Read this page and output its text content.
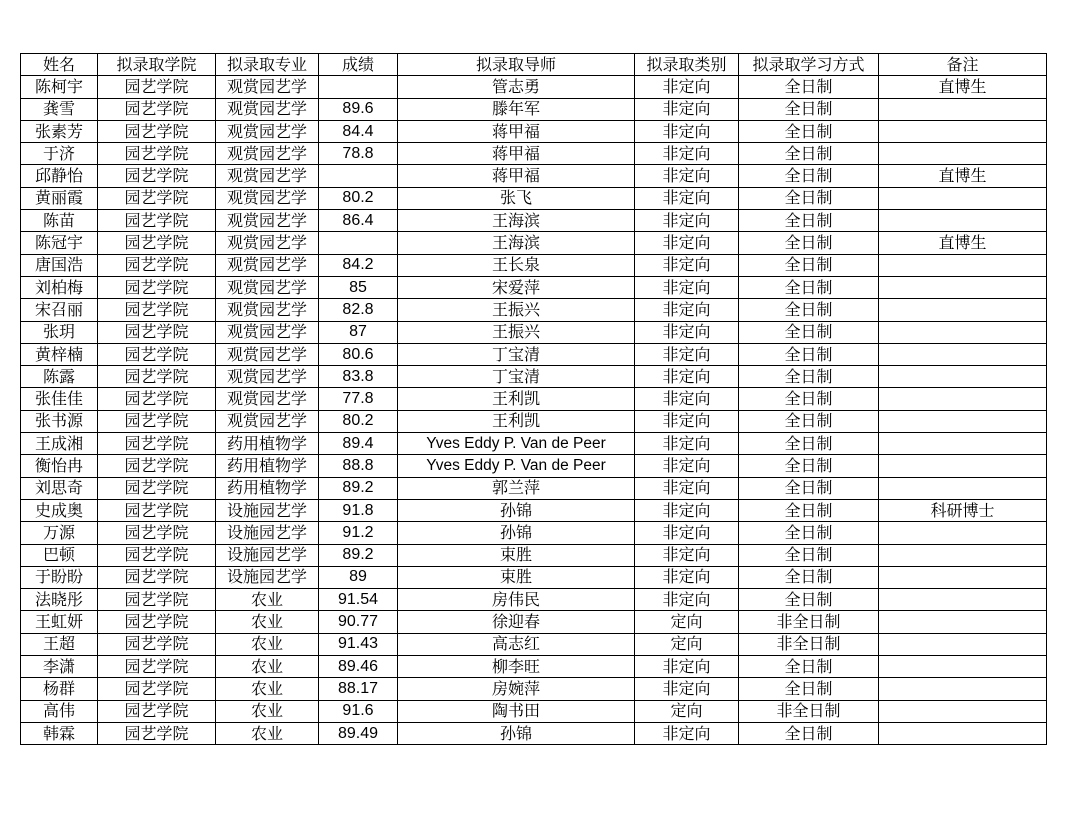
姓名	拟录取学院	拟录取专业	成绩	拟录取导师	拟录取类别	拟录取学习方式	备注
陈柯宇	园艺学院	观赏园艺学		管志勇	非定向	全日制	直博生
龚雪	园艺学院	观赏园艺学	89.6	滕年军	非定向	全日制	
张素芳	园艺学院	观赏园艺学	84.4	蒋甲福	非定向	全日制	
于济	园艺学院	观赏园艺学	78.8	蒋甲福	非定向	全日制	
邱静怡	园艺学院	观赏园艺学		蒋甲福	非定向	全日制	直博生
黄丽霞	园艺学院	观赏园艺学	80.2	张飞	非定向	全日制	
陈苗	园艺学院	观赏园艺学	86.4	王海滨	非定向	全日制	
陈冠宇	园艺学院	观赏园艺学		王海滨	非定向	全日制	直博生
唐国浩	园艺学院	观赏园艺学	84.2	王长泉	非定向	全日制	
刘柏梅	园艺学院	观赏园艺学	85	宋爱萍	非定向	全日制	
宋召丽	园艺学院	观赏园艺学	82.8	王振兴	非定向	全日制	
张玥	园艺学院	观赏园艺学	87	王振兴	非定向	全日制	
黄梓楠	园艺学院	观赏园艺学	80.6	丁宝清	非定向	全日制	
陈露	园艺学院	观赏园艺学	83.8	丁宝清	非定向	全日制	
张佳佳	园艺学院	观赏园艺学	77.8	王利凯	非定向	全日制	
张书源	园艺学院	观赏园艺学	80.2	王利凯	非定向	全日制	
王成湘	园艺学院	药用植物学	89.4	Yves Eddy P. Van de Peer	非定向	全日制	
衡怡冉	园艺学院	药用植物学	88.8	Yves Eddy P. Van de Peer	非定向	全日制	
刘思奇	园艺学院	药用植物学	89.2	郭兰萍	非定向	全日制	
史成奥	园艺学院	设施园艺学	91.8	孙锦	非定向	全日制	科研博士
万源	园艺学院	设施园艺学	91.2	孙锦	非定向	全日制	
巴顿	园艺学院	设施园艺学	89.2	束胜	非定向	全日制	
于盼盼	园艺学院	设施园艺学	89	束胜	非定向	全日制	
法晓彤	园艺学院	农业	91.54	房伟民	非定向	全日制	
王虹妍	园艺学院	农业	90.77	徐迎春	定向	非全日制	
王超	园艺学院	农业	91.43	高志红	定向	非全日制	
李潇	园艺学院	农业	89.46	柳李旺	非定向	全日制	
杨群	园艺学院	农业	88.17	房婉萍	非定向	全日制	
高伟	园艺学院	农业	91.6	陶书田	定向	非全日制	
韩霖	园艺学院	农业	89.49	孙锦	非定向	全日制	
